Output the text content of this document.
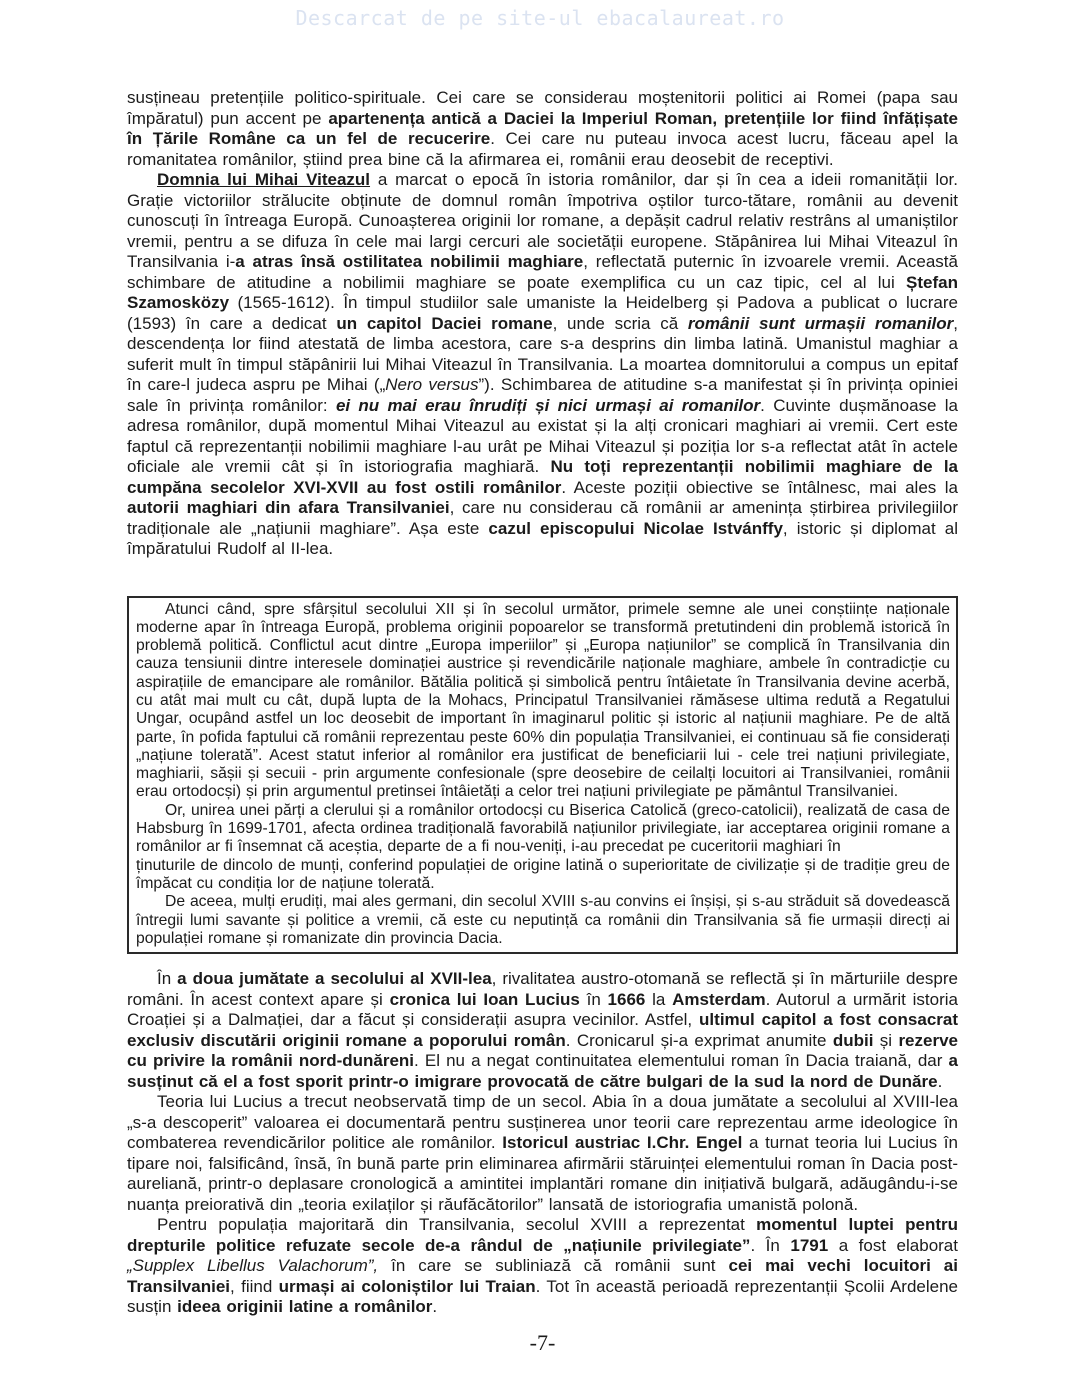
Descarcat de pe site-ul ebacalaureat.ro

susțineau pretențiile politico-spirituale. Cei care se considerau moștenitorii politici ai Romei (papa sau împăratul) pun accent pe apartenența antică a Daciei la Imperiul Roman, pretențiile lor fiind înfățișate în Țările Române ca un fel de recucerire. Cei care nu puteau invoca acest lucru, făceau apel la romanitatea românilor, știind prea bine că la afirmarea ei, românii erau deosebit de receptivi.

Domnia lui Mihai Viteazul a marcat o epocă în istoria românilor, dar și în cea a ideii romanității lor. Grație victoriilor strălucite obținute de domnul român împotriva oștilor turco-tătare, românii au devenit cunoscuți în întreaga Europă. Cunoașterea originii lor romane, a depășit cadrul relativ restrâns al umaniștilor vremii, pentru a se difuza în cele mai largi cercuri ale societății europene. Stăpânirea lui Mihai Viteazul în Transilvania i-a atras însă ostilitatea nobilimii maghiare, reflectată puternic în izvoarele vremii. Această schimbare de atitudine a nobilimii maghiare se poate exemplifica cu un caz tipic, cel al lui Ștefan Szamosközy (1565-1612). În timpul studiilor sale umaniste la Heidelberg și Padova a publicat o lucrare (1593) în care a dedicat un capitol Daciei romane, unde scria că românii sunt urmașii romanilor, descendența lor fiind atestată de limba acestora, care s-a desprins din limba latină. Umanistul maghiar a suferit mult în timpul stăpânirii lui Mihai Viteazul în Transilvania. La moartea domnitorului a compus un epitaf în care-l judeca aspru pe Mihai („Nero versus”). Schimbarea de atitudine s-a manifestat și în privința opiniei sale în privința românilor: ei nu mai erau înrudiți și nici urmași ai romanilor. Cuvinte dușmănoase la adresa românilor, după momentul Mihai Viteazul au existat și la alți cronicari maghiari ai vremii. Cert este faptul că reprezentanții nobilimii maghiare l-au urât pe Mihai Viteazul și poziția lor s-a reflectat atât în actele oficiale ale vremii cât și în istoriografia maghiară. Nu toți reprezentanții nobilimii maghiare de la cumpăna secolelor XVI-XVII au fost ostili românilor. Aceste poziții obiective se întâlnesc, mai ales la autorii maghiari din afara Transilvaniei, care nu considerau că românii ar amenința știrbirea privilegiilor tradiționale ale „națiunii maghiare”. Așa este cazul episcopului Nicolae Istvánffy, istoric și diplomat al împăratului Rudolf al II-lea.

Atunci când, spre sfârșitul secolului XII și în secolul următor, primele semne ale unei conștiințe naționale moderne apar în întreaga Europă, problema originii popoarelor se transformă pretutindeni din problemă istorică în problemă politică. Conflictul acut dintre „Europa imperiilor” și „Europa națiunilor” se complică în Transilvania din cauza tensiunii dintre interesele dominației austrice și revendicările naționale maghiare, ambele în contradicție cu aspirațiile de emancipare ale românilor. Bătălia politică și simbolică pentru întâietate în Transilvania devine acerbă, cu atât mai mult cu cât, după lupta de la Mohacs, Principatul Transilvaniei rămăsese ultima redută a Regatului Ungar, ocupând astfel un loc deosebit de important în imaginarul politic și istoric al națiunii maghiare. Pe de altă parte, în pofida faptului că românii reprezentau peste 60% din populația Transilvaniei, ei continuau să fie considerați „națiune tolerată”. Acest statut inferior al românilor era justificat de beneficiarii lui - cele trei națiuni privilegiate, maghiarii, sășii și secuii - prin argumente confesionale (spre deosebire de ceilalți locuitori ai Transilvaniei, românii erau ortodocși) și prin argumentul pretinsei întâietăți a celor trei națiuni privilegiate pe pământul Transilvaniei.

Or, unirea unei părți a clerului și a românilor ortodocși cu Biserica Catolică (greco-catolicii), realizată de casa de Habsburg în 1699-1701, afecta ordinea tradițională favorabilă națiunilor privilegiate, iar acceptarea originii romane a românilor ar fi însemnat că aceștia, departe de a fi nou-veniți, i-au precedat pe cuceritorii maghiari în

ținuturile de dincolo de munți, conferind populației de origine latină o superioritate de civilizație și de tradiție greu de împăcat cu condiția lor de națiune tolerată.

De aceea, mulți erudiți, mai ales germani, din secolul XVIII s-au convins ei înșiși, și s-au străduit să dovedească întregii lumi savante și politice a vremii, că este cu neputință ca românii din Transilvania să fie urmașii direcți ai populației romane și romanizate din provincia Dacia.

În a doua jumătate a secolului al XVII-lea, rivalitatea austro-otomană se reflectă și în mărturiile despre români. În acest context apare și cronica lui Ioan Lucius în 1666 la Amsterdam. Autorul a urmărit istoria Croației și a Dalmației, dar a făcut și considerații asupra vecinilor. Astfel, ultimul capitol a fost consacrat exclusiv discutării originii romane a poporului român. Cronicarul și-a exprimat anumite dubii și rezerve cu privire la românii nord-dunăreni. El nu a negat continuitatea elementului roman în Dacia traiană, dar a susținut că el a fost sporit printr-o imigrare provocată de către bulgari de la sud la nord de Dunăre.

Teoria lui Lucius a trecut neobservată timp de un secol. Abia în a doua jumătate a secolului al XVIII-lea „s-a descoperit” valoarea ei documentară pentru susținerea unor teorii care reprezentau arme ideologice în combaterea revendicărilor politice ale românilor. Istoricul austriac I.Chr. Engel a turnat teoria lui Lucius în tipare noi, falsificând, însă, în bună parte prin eliminarea afirmării stăruinței elementului roman în Dacia post-aureliană, printr-o deplasare cronologică a amintitei implantări romane din inițiativă bulgară, adăugându-i-se nuanța preiorativă din „teoria exilaților și răufăcătorilor” lansată de istoriografia umanistă polonă.

Pentru populația majoritară din Transilvania, secolul XVIII a reprezentat momentul luptei pentru drepturile politice refuzate secole de-a rândul de „națiunile privilegiate”. În 1791 a fost elaborat „Supplex Libellus Valachorum”, în care se subliniază că românii sunt cei mai vechi locuitori ai Transilvaniei, fiind urmași ai coloniștilor lui Traian. Tot în această perioadă reprezentanții Școlii Ardelene susțin ideea originii latine a românilor.

-7-
